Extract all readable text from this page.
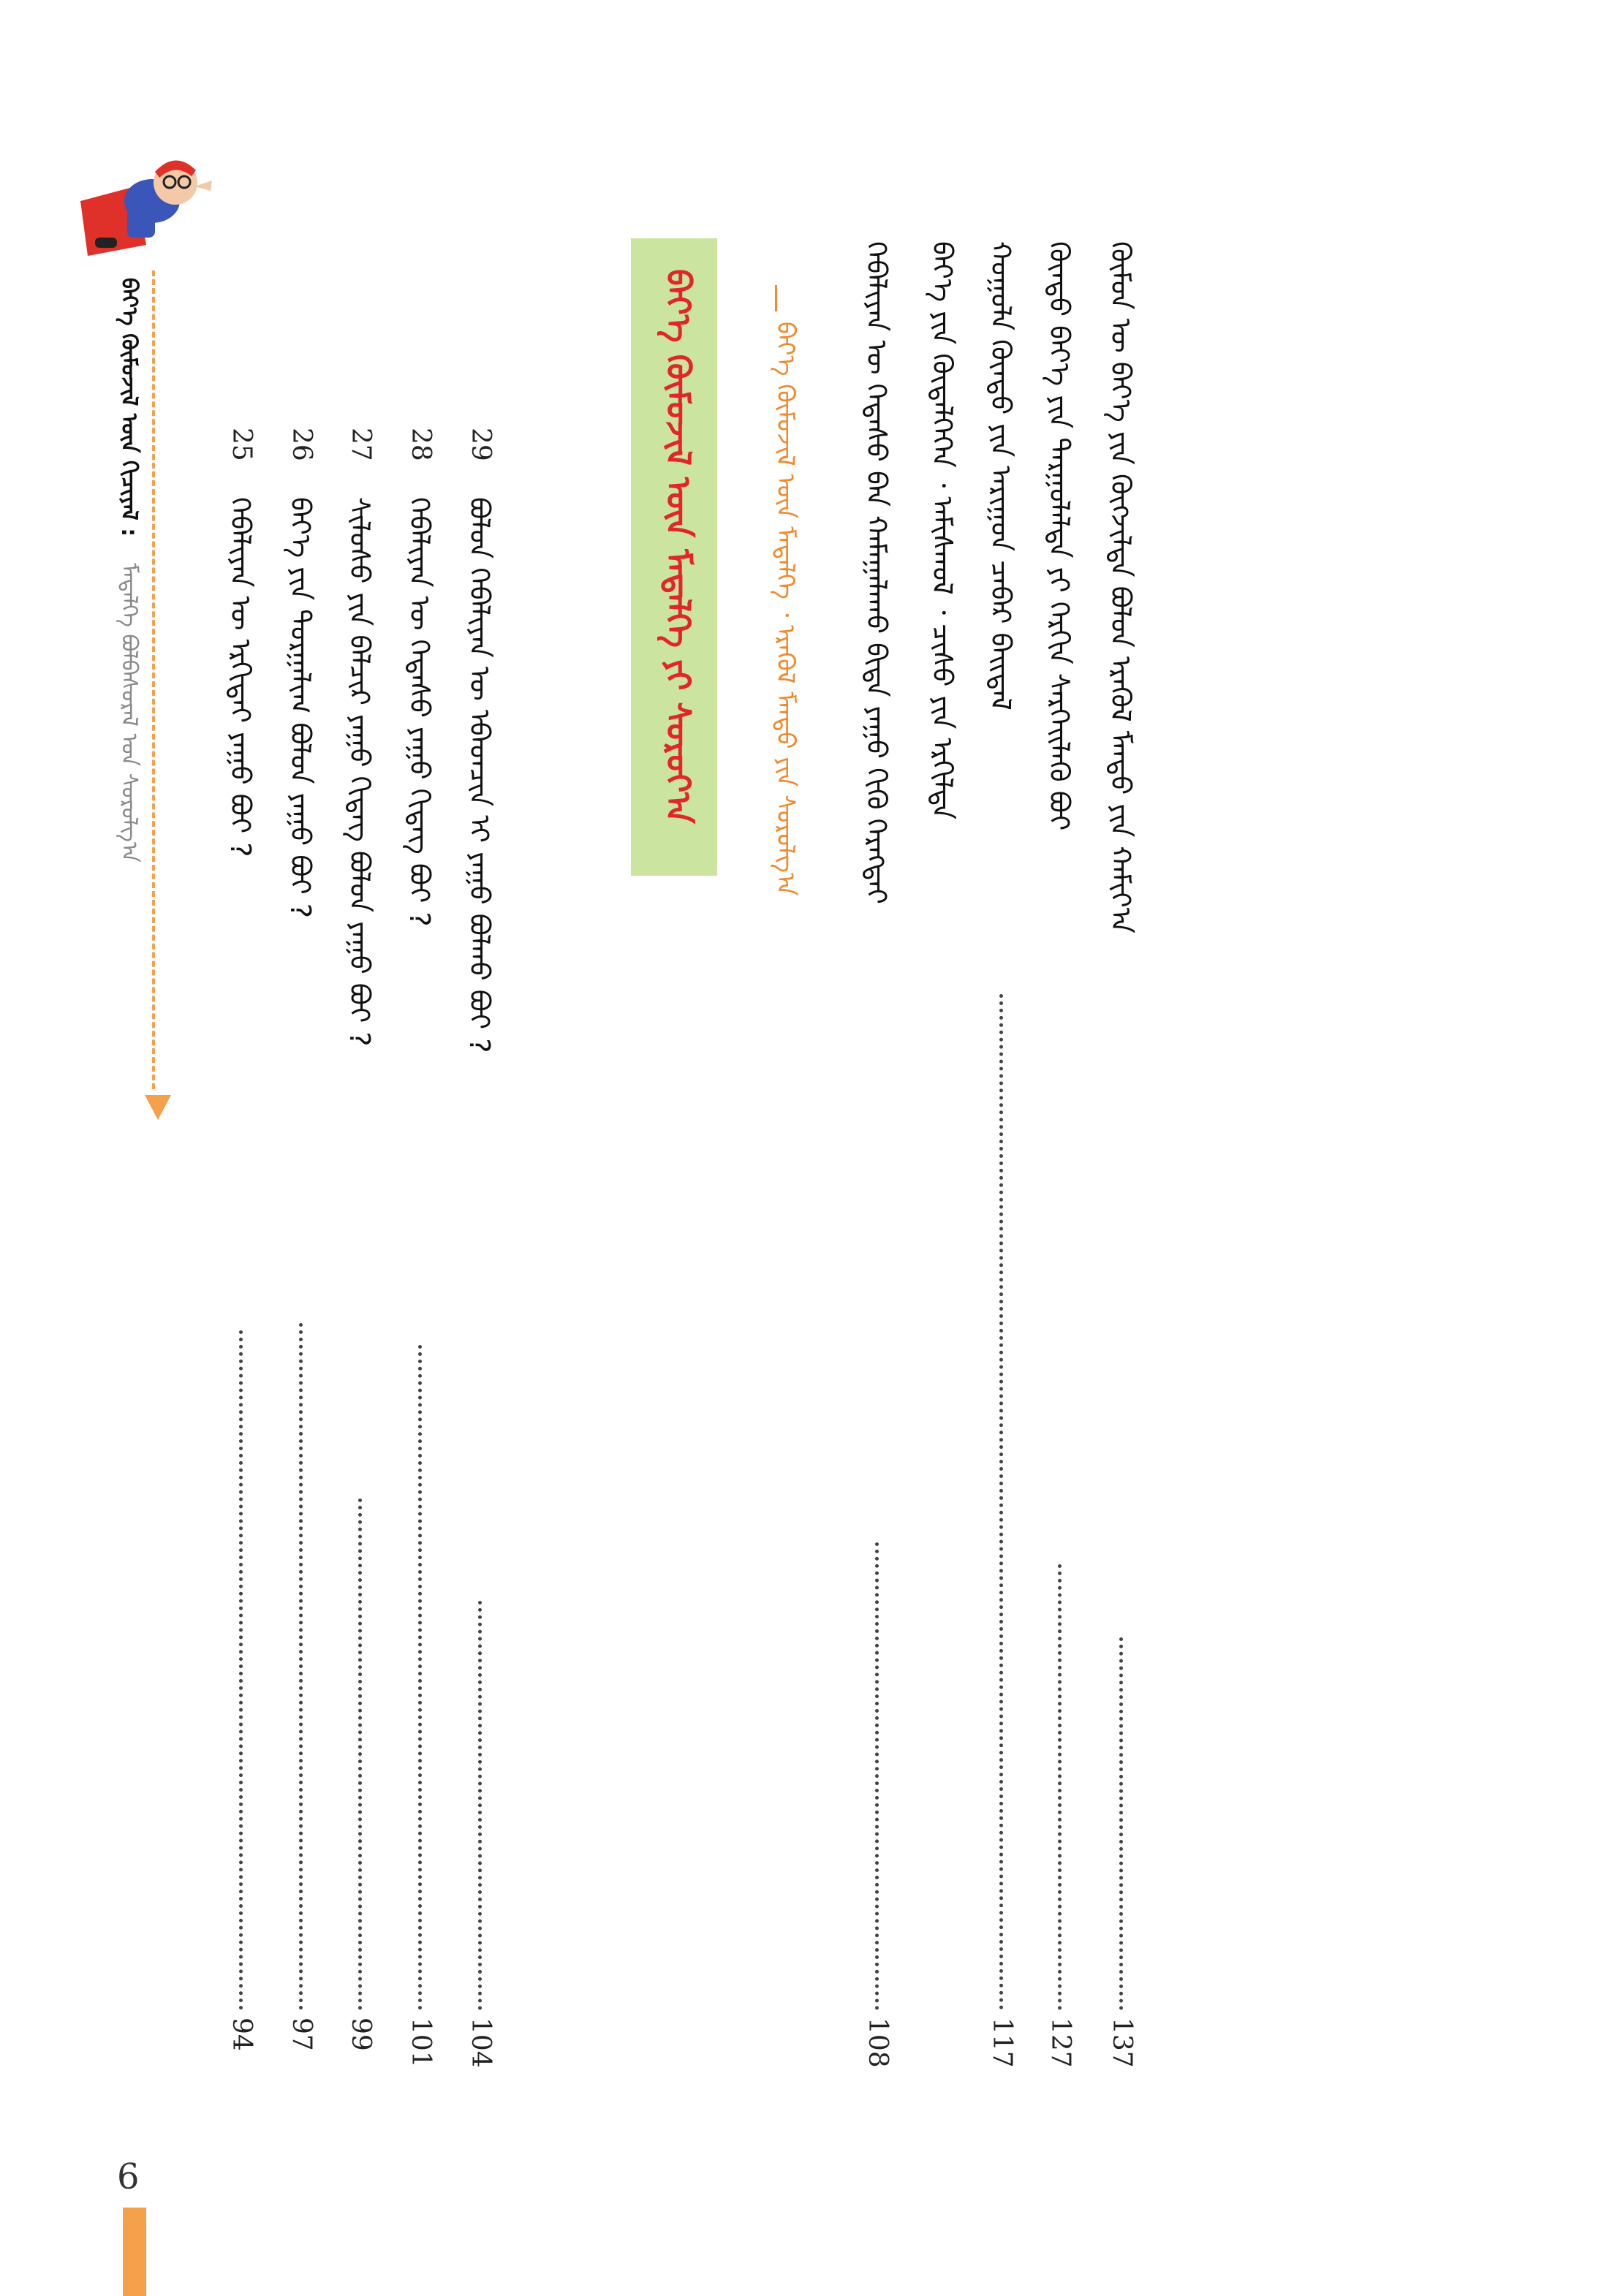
ᠪᠡᠶ᠎ᠡ ᠬᠥᠮᠦᠵᠢᠯ ᠦᠨ ᠬᠢᠴᠢᠶᠡᠯ :
ᠮᠡᠳᠡᠯᠭᠡ ᠪᠣᠯᠪᠠᠰᠤᠷᠠᠯ ᠤᠨ ᠰᠤᠷᠤᠯᠭ᠎ᠠ
25
ᠬᠡᠪᠡᠯᠢᠶᠡᠨ ᠦ ᠡᠷᠬᠢᠲᠡᠢ ᠶᠠᠭᠤ ᠪᠤᠢ ?
94
26
ᠪᠡᠶ᠎ᠡ ᠶᠢᠨ ᠲᠣᠷᠭᠠᠯᠢᠭ ᠪᠣᠯᠤᠨ ᠶᠠᠭᠤ ᠪᠤᠢ ?
97
27
ᠰᠢᠯᠦᠰᠦ ᠶᠢᠨ ᠪᠡᠯᠴᠢᠷ ᠶᠠᠭᠤ ᠬᠢᠳᠡᠭ ᠪᠣᠯᠤᠨ ᠶᠠᠭᠤ ᠪᠤᠢ ?
99
28
ᠬᠡᠪᠡᠯᠢᠶᠡᠨ ᠦ ᠭᠡᠳᠡᠰᠦ ᠶᠠᠭᠤ ᠬᠢᠳᠡᠭ ᠪᠤᠢ ?
101
29
ᠪᠣᠯᠣᠨ ᠬᠡᠪᠡᠯᠢᠶᠡᠨ ᠦ ᠡᠪᠡᠳᠴᠢᠨ ᠢ ᠶᠠᠭᠤ ᠪᠣᠯᠬᠤ ᠪᠤᠢ ?
104
ᠪᠡᠶ᠎ᠡ ᠬᠥᠮᠦᠵᠢᠯ ᠦᠨ ᠮᠡᠳᠡᠯᠭᠡ ᠶᠢ ᠰᠤᠷᠤᠶ᠎ᠠ	ᠪᠡᠶ᠎ᠡ ᠬᠥᠮᠦᠵᠢᠯ ᠦᠨ ᠮᠡᠳᠡᠯᠭᠡ ᠂ ᠡᠷᠡᠭᠦᠯ ᠮᠡᠨᠳᠦ ᠶᠢᠨ ᠰᠤᠷᠤᠯᠭ᠎ᠠ ᠬᠡᠪᠡᠯᠢᠶᠡᠨ ᠦ ᠭᠡᠳᠡᠰᠦ ᠪᠡᠨ ᠬᠠᠮᠠᠭᠠᠯᠠᠬᠤ ᠪᠢᠳᠡ ᠶᠠᠭᠤ ᠬᠢᠬᠦ ᠬᠡᠷᠡᠭᠲᠡᠢ
108
ᠪᠡᠶ᠎ᠡ ᠶᠢᠨ ᠬᠥᠳᠡᠯᠭᠡᠭᠡᠨ ᠂ ᠠᠮᠢᠰᠬᠤᠯ ᠂ ᠴᠢᠰᠤ ᠶᠢᠨ ᠡᠷᠭᠢᠯᠲᠡ ᠬᠣᠭᠣᠯᠠ ᠬᠦᠨᠳᠦ ᠶᠢᠨ ᠠᠷᠢᠭᠤᠨ ᠴᠡᠪᠡᠷ ᠪᠠᠢᠳᠠᠯ
117
ᠬᠦᠨᠳᠦ ᠪᠡᠶ᠎ᠡ ᠶᠢᠨ ᠲᠠᠷᠭᠤᠯᠠᠯᠲᠠ ᠶᠢ ᠬᠡᠷᠬᠢᠨ ᠰᠡᠷᠭᠡᠢᠯᠡᠬᠦ ᠪᠤᠢ
127
ᠬᠦᠮᠦᠨ ᠦ ᠪᠡᠶ᠎ᠡ ᠶᠢᠨ ᠬᠥᠭᠵᠢᠯᠲᠡ ᠪᠣᠯᠤᠨ ᠡᠷᠡᠭᠦᠯ ᠮᠡᠨᠳᠦ ᠶᠢᠨ ᠬᠠᠮᠢᠶ᠎ᠠ
137
6
